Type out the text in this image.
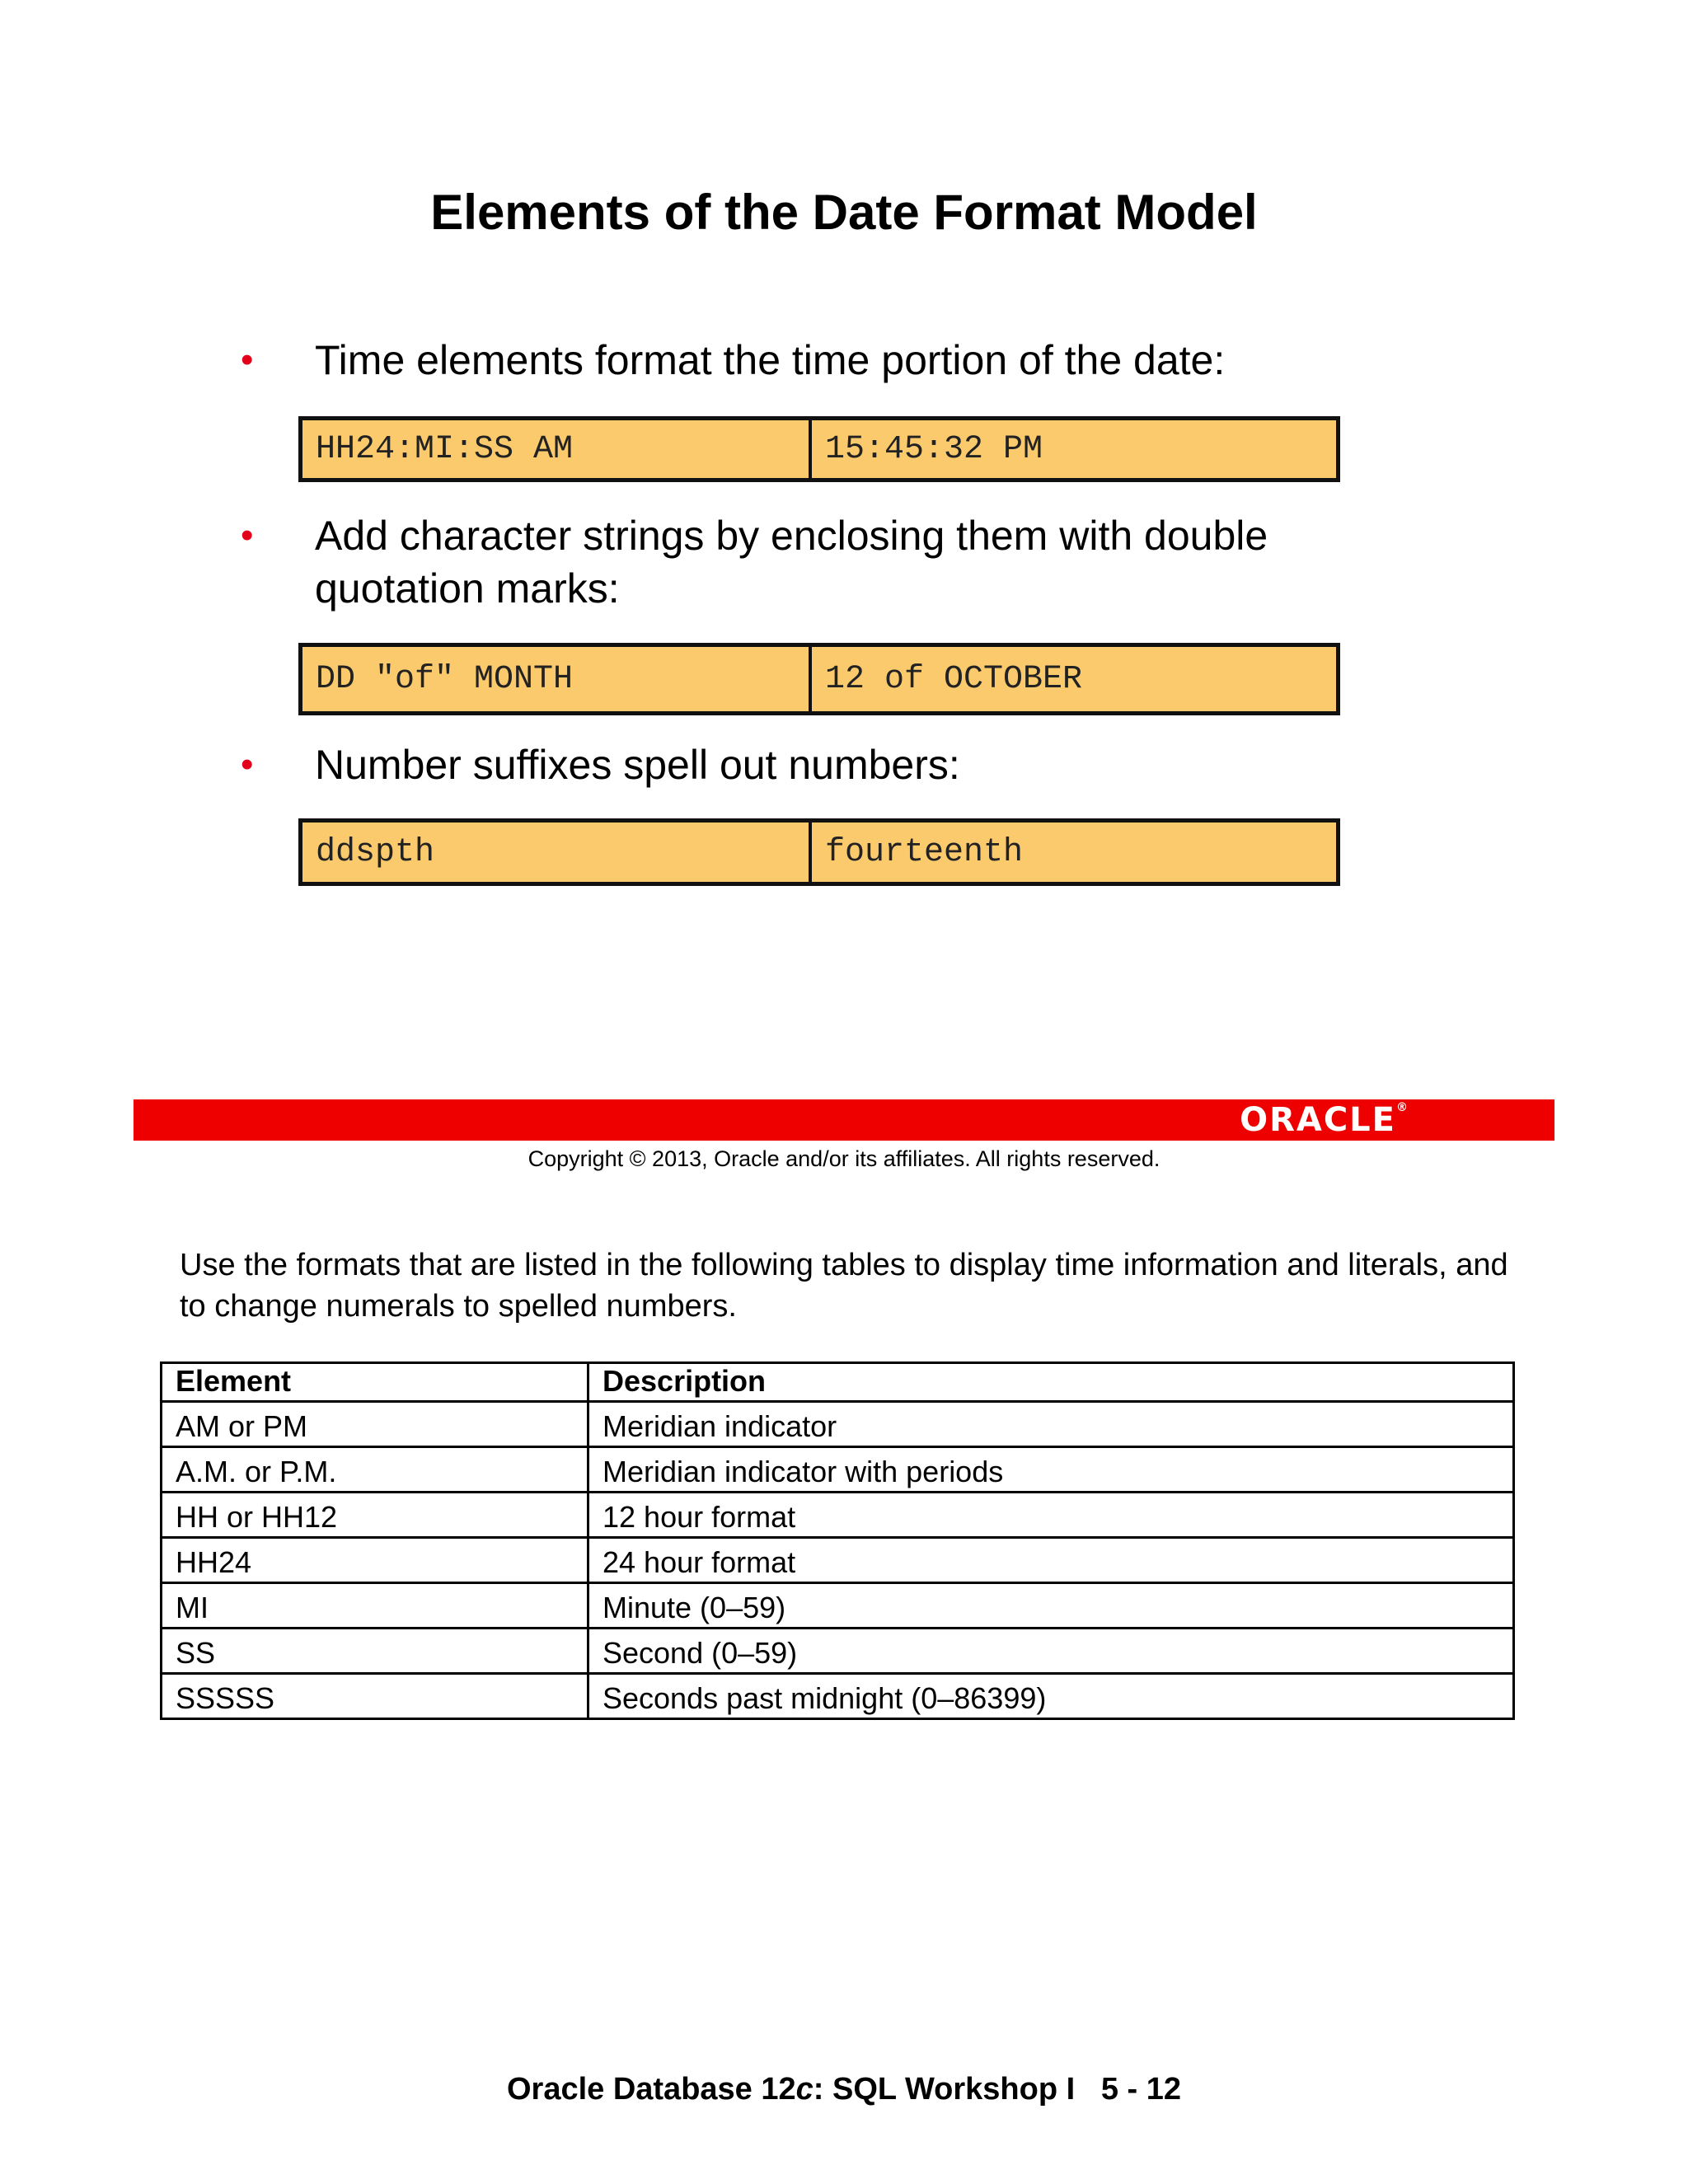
Elements of the Date Format Model
• Time elements format the time portion of the date:
HH24:MI:SS AM	15:45:32 PM
• Add character strings by enclosing them with double quotation marks:
DD "of" MONTH	12 of OCTOBER
• Number suffixes spell out numbers:
ddspth	fourteenth
ORACLE®
Copyright © 2013, Oracle and/or its affiliates. All rights reserved.
Use the formats that are listed in the following tables to display time information and literals, and to change numerals to spelled numbers.
Element	Description
AM or PM	Meridian indicator
A.M. or P.M.	Meridian indicator with periods
HH or HH12	12 hour format
HH24	24 hour format
MI	Minute (0–59)
SS	Second (0–59)
SSSSS	Seconds past midnight (0–86399)
Oracle Database 12c: SQL Workshop I   5 - 12
